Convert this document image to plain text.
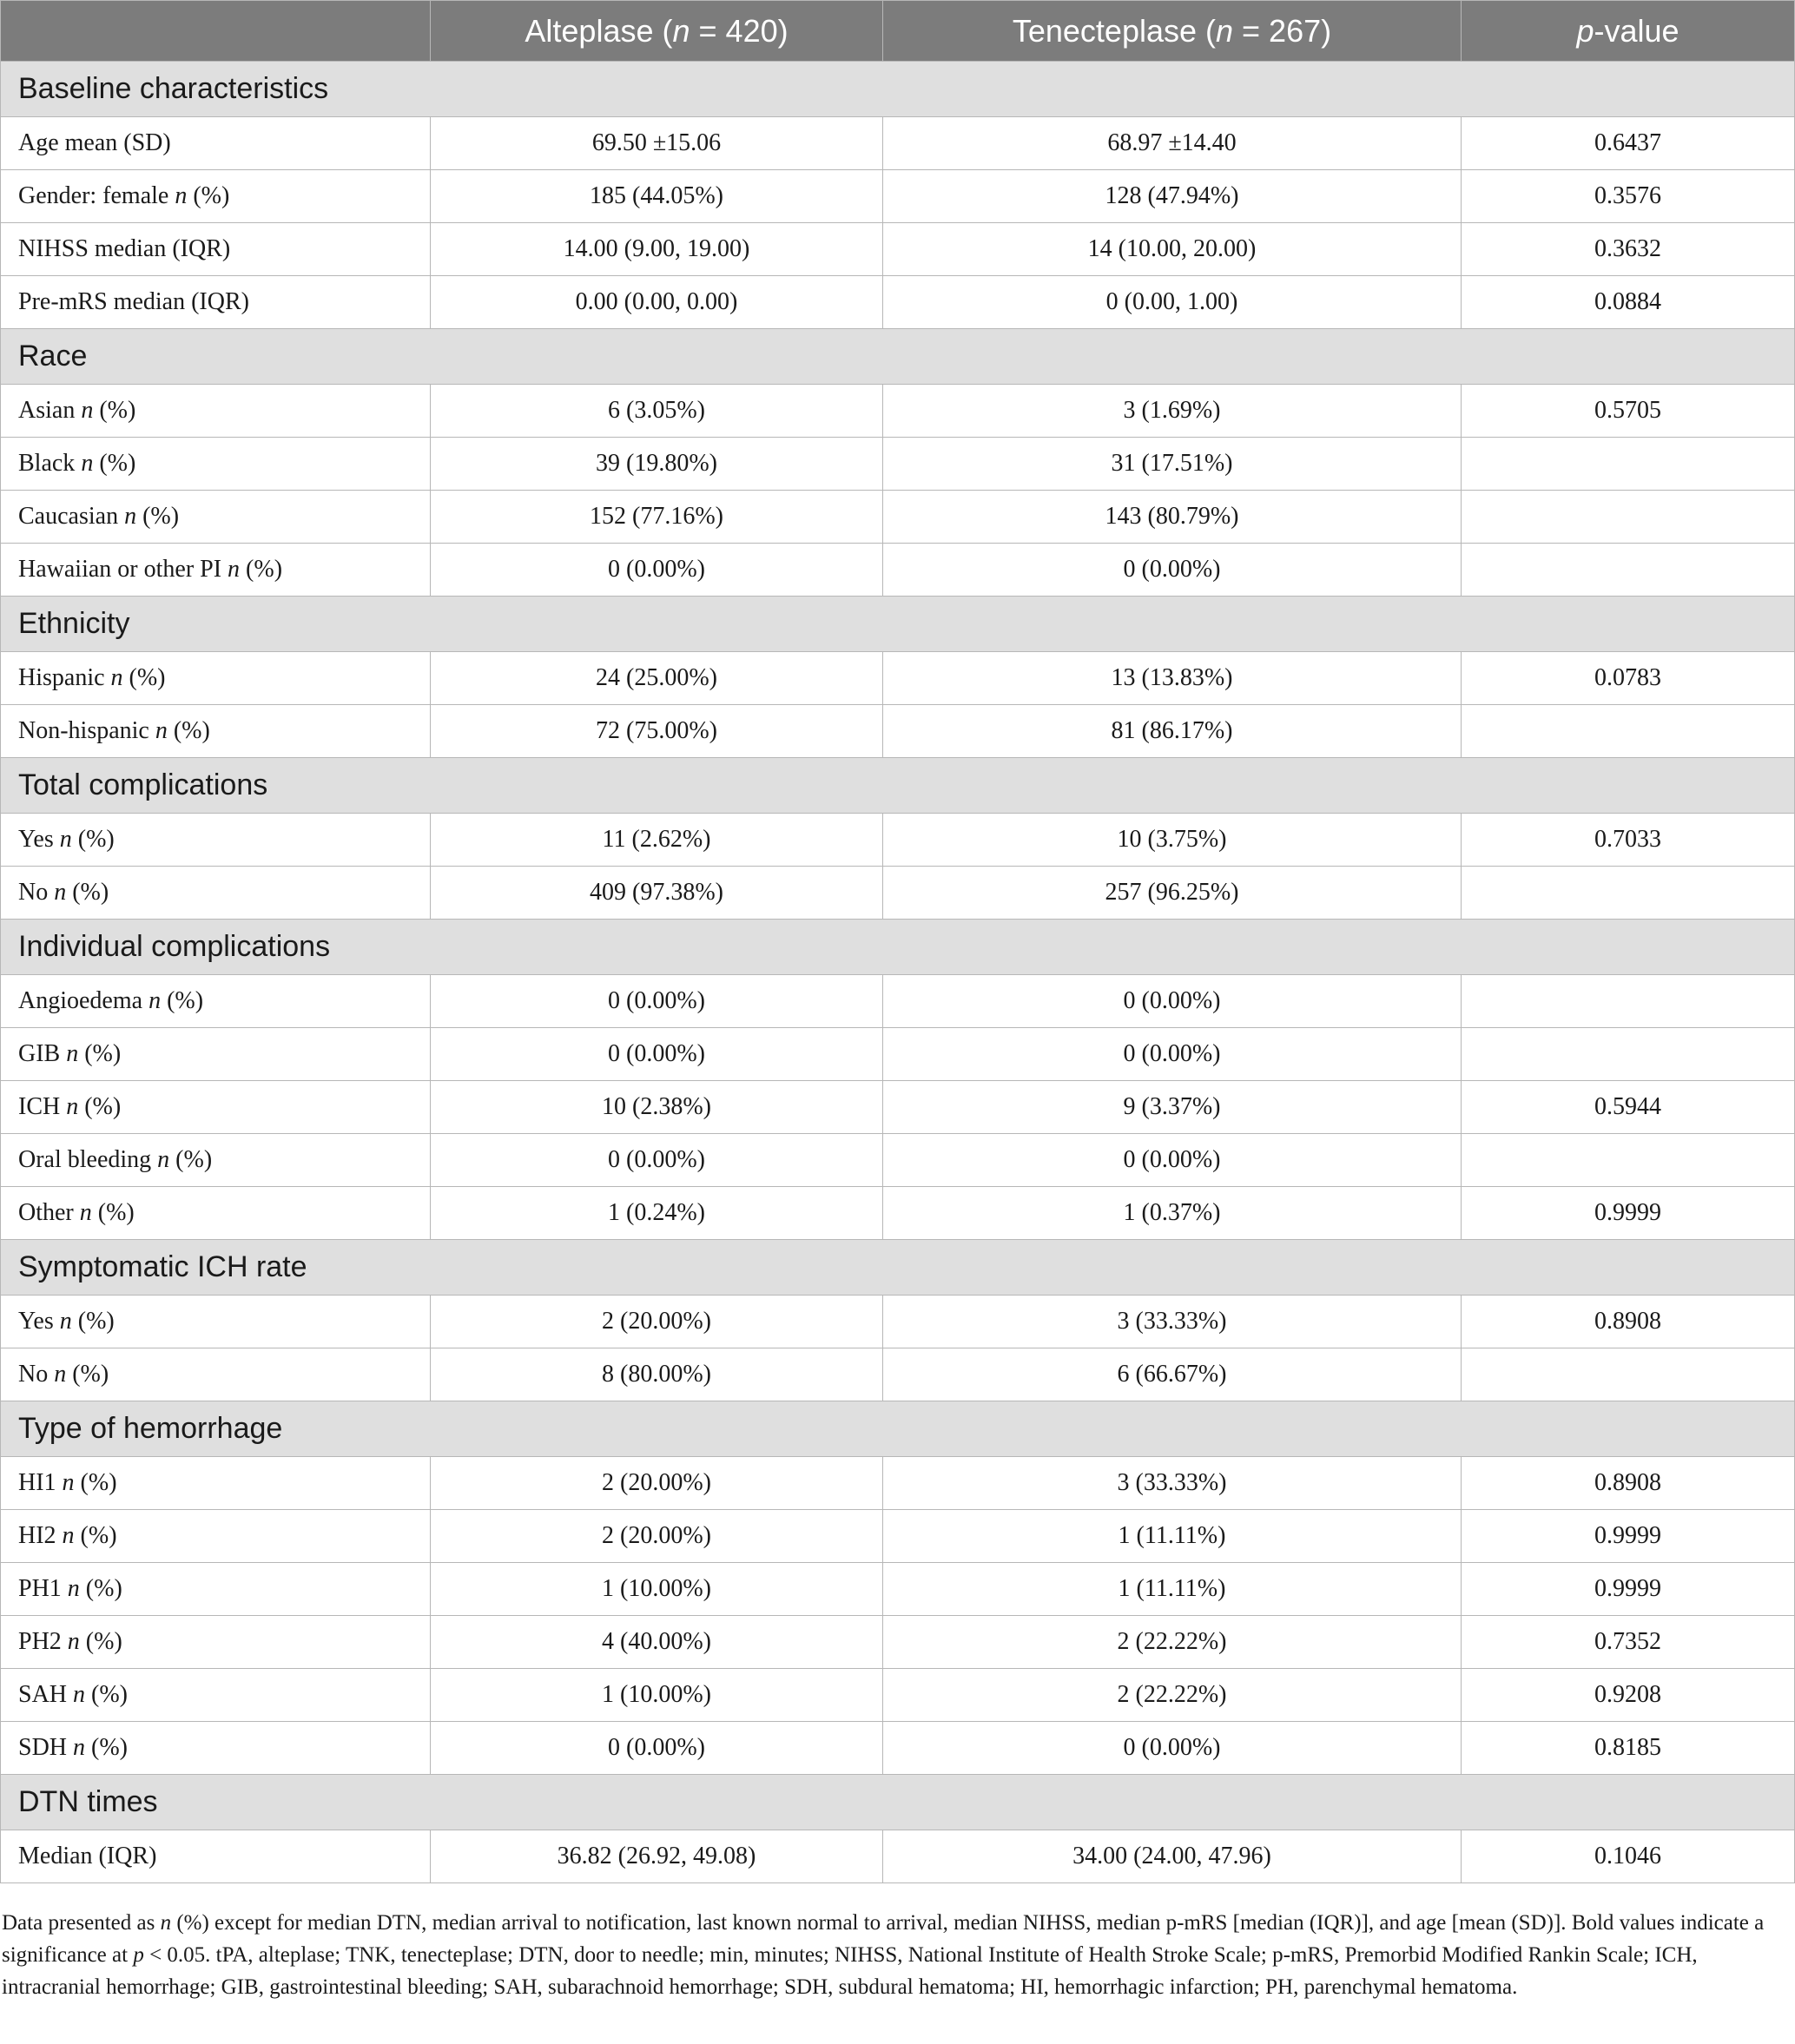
	Alteplase (n = 420)	Tenecteplase (n = 267)	p-value
Baseline characteristics			
Age mean (SD)	69.50 ±15.06	68.97 ±14.40	0.6437
Gender: female n (%)	185 (44.05%)	128 (47.94%)	0.3576
NIHSS median (IQR)	14.00 (9.00, 19.00)	14 (10.00, 20.00)	0.3632
Pre-mRS median (IQR)	0.00 (0.00, 0.00)	0 (0.00, 1.00)	0.0884
Race			
Asian n (%)	6 (3.05%)	3 (1.69%)	0.5705
Black n (%)	39 (19.80%)	31 (17.51%)	
Caucasian n (%)	152 (77.16%)	143 (80.79%)	
Hawaiian or other PI n (%)	0 (0.00%)	0 (0.00%)	
Ethnicity			
Hispanic n (%)	24 (25.00%)	13 (13.83%)	0.0783
Non-hispanic n (%)	72 (75.00%)	81 (86.17%)	
Total complications			
Yes n (%)	11 (2.62%)	10 (3.75%)	0.7033
No n (%)	409 (97.38%)	257 (96.25%)	
Individual complications			
Angioedema n (%)	0 (0.00%)	0 (0.00%)	
GIB n (%)	0 (0.00%)	0 (0.00%)	
ICH n (%)	10 (2.38%)	9 (3.37%)	0.5944
Oral bleeding n (%)	0 (0.00%)	0 (0.00%)	
Other n (%)	1 (0.24%)	1 (0.37%)	0.9999
Symptomatic ICH rate			
Yes n (%)	2 (20.00%)	3 (33.33%)	0.8908
No n (%)	8 (80.00%)	6 (66.67%)	
Type of hemorrhage			
HI1 n (%)	2 (20.00%)	3 (33.33%)	0.8908
HI2 n (%)	2 (20.00%)	1 (11.11%)	0.9999
PH1 n (%)	1 (10.00%)	1 (11.11%)	0.9999
PH2 n (%)	4 (40.00%)	2 (22.22%)	0.7352
SAH n (%)	1 (10.00%)	2 (22.22%)	0.9208
SDH n (%)	0 (0.00%)	0 (0.00%)	0.8185
DTN times			
Median (IQR)	36.82 (26.92, 49.08)	34.00 (24.00, 47.96)	0.1046
Data presented as n (%) except for median DTN, median arrival to notification, last known normal to arrival, median NIHSS, median p-mRS [median (IQR)], and age [mean (SD)]. Bold values indicate a significance at p < 0.05. tPA, alteplase; TNK, tenecteplase; DTN, door to needle; min, minutes; NIHSS, National Institute of Health Stroke Scale; p-mRS, Premorbid Modified Rankin Scale; ICH, intracranial hemorrhage; GIB, gastrointestinal bleeding; SAH, subarachnoid hemorrhage; SDH, subdural hematoma; HI, hemorrhagic infarction; PH, parenchymal hematoma.
